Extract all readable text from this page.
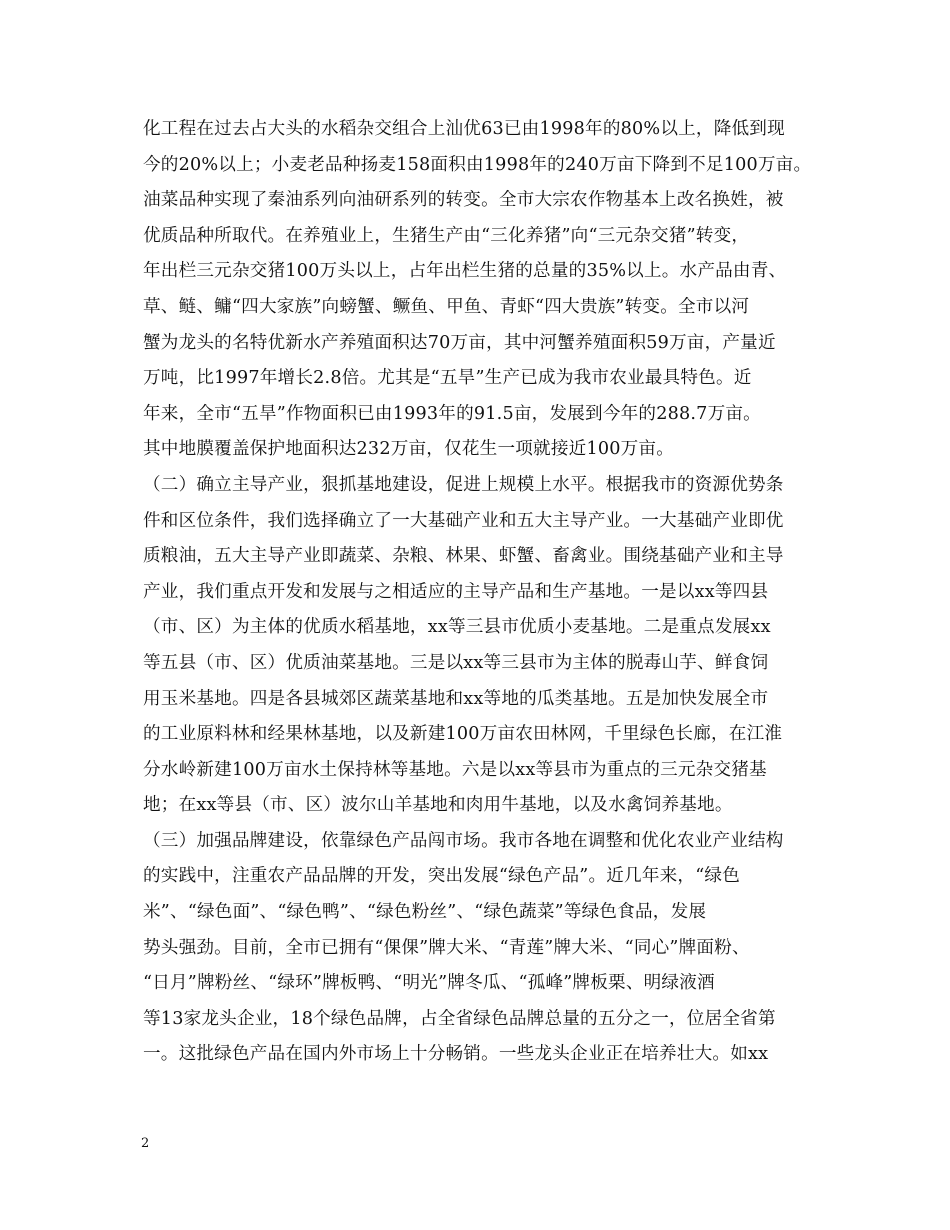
化工程在过去占大头的水稻杂交组合上汕优63已由1998年的80%以上，降低到现
今的20%以上；小麦老品种扬麦158面积由1998年的240万亩下降到不足100万亩。
油菜品种实现了秦油系列向油研系列的转变。全市大宗农作物基本上改名换姓，被
优质品种所取代。在养殖业上，生猪生产由“三化养猪”向“三元杂交猪”转变，
年出栏三元杂交猪100万头以上，占年出栏生猪的总量的35%以上。水产品由青、
草、鲢、鳙“四大家族”向螃蟹、鳜鱼、甲鱼、青虾“四大贵族”转变。全市以河
蟹为龙头的名特优新水产养殖面积达70万亩，其中河蟹养殖面积59万亩，产量近
万吨，比1997年增长2.8倍。尤其是“五旱”生产已成为我市农业最具特色。近
年来，全市“五旱”作物面积已由1993年的91.5亩，发展到今年的288.7万亩。
其中地膜覆盖保护地面积达232万亩，仅花生一项就接近100万亩。
（二）确立主导产业，狠抓基地建设，促进上规模上水平。根据我市的资源优势条
件和区位条件，我们选择确立了一大基础产业和五大主导产业。一大基础产业即优
质粮油，五大主导产业即蔬菜、杂粮、林果、虾蟹、畜禽业。围绕基础产业和主导
产业，我们重点开发和发展与之相适应的主导产品和生产基地。一是以xx等四县
（市、区）为主体的优质水稻基地，xx等三县市优质小麦基地。二是重点发展xx
等五县（市、区）优质油菜基地。三是以xx等三县市为主体的脱毒山芋、鲜食饲
用玉米基地。四是各县城郊区蔬菜基地和xx等地的瓜类基地。五是加快发展全市
的工业原料林和经果林基地，以及新建100万亩农田林网，千里绿色长廊，在江淮
分水岭新建100万亩水土保持林等基地。六是以xx等县市为重点的三元杂交猪基
地；在xx等县（市、区）波尔山羊基地和肉用牛基地，以及水禽饲养基地。
（三）加强品牌建设，依靠绿色产品闯市场。我市各地在调整和优化农业产业结构
的实践中，注重农产品品牌的开发，突出发展“绿色产品”。近几年来，“绿色
米”、“绿色面”、“绿色鸭”、“绿色粉丝”、“绿色蔬菜”等绿色食品，发展
势头强劲。目前，全市已拥有“倮倮”牌大米、“青莲”牌大米、“同心”牌面粉、
“日月”牌粉丝、“绿环”牌板鸭、“明光”牌冬瓜、“孤峰”牌板栗、明绿液酒
等13家龙头企业，18个绿色品牌，占全省绿色品牌总量的五分之一，位居全省第
一。这批绿色产品在国内外市场上十分畅销。一些龙头企业正在培养壮大。如xx
2
